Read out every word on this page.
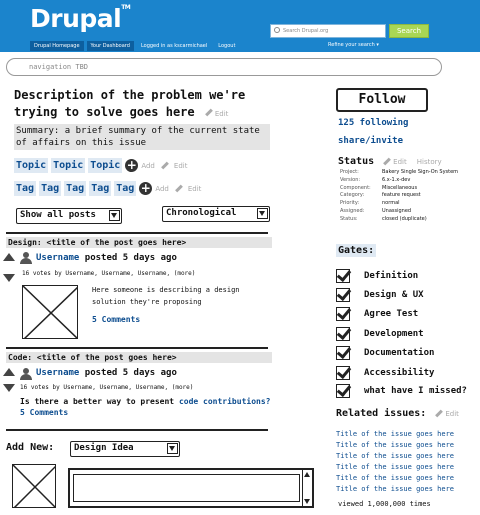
Drupal™
Search Drupal.org	Search
Drupal Homepage	Your Dashboard	Logged in as kscarmichael	Logout	Refine your search ▾
navigation TBD
Description of the problem we're trying to solve goes here	Edit
Summary: a brief summary of the current state of affairs on this issue
Topic Topic Topic + Add	Edit
Tag Tag Tag Tag Tag + Add	Edit
Show all posts	Chronological
Design: <title of the post goes here>
Username posted 5 days ago
16 votes by Username, Username, Username, (more)
Here someone is describing a design solution they're proposing
5 Comments
Code: <title of the post goes here>
Username posted 5 days ago
16 votes by Username, Username, Username, (more)
Is there a better way to present code contributions?
5 Comments
Add New:	Design Idea
Follow
125 following
share/invite
Status	Edit History
Project:	Bakery Single Sign-On System
Version:	6.x-1.x-dev
Component:	Miscellaneous
Category:	feature request
Priority:	normal
Assigned:	Unassigned
Status:	closed (duplicate)
Gates:
Definition
Design & UX
Agree Test
Development
Documentation
Accessibility
what have I missed?
Related issues:	Edit
Title of the issue goes here
Title of the issue goes here
Title of the issue goes here
Title of the issue goes here
Title of the issue goes here
Title of the issue goes here
viewed 1,000,000 times
